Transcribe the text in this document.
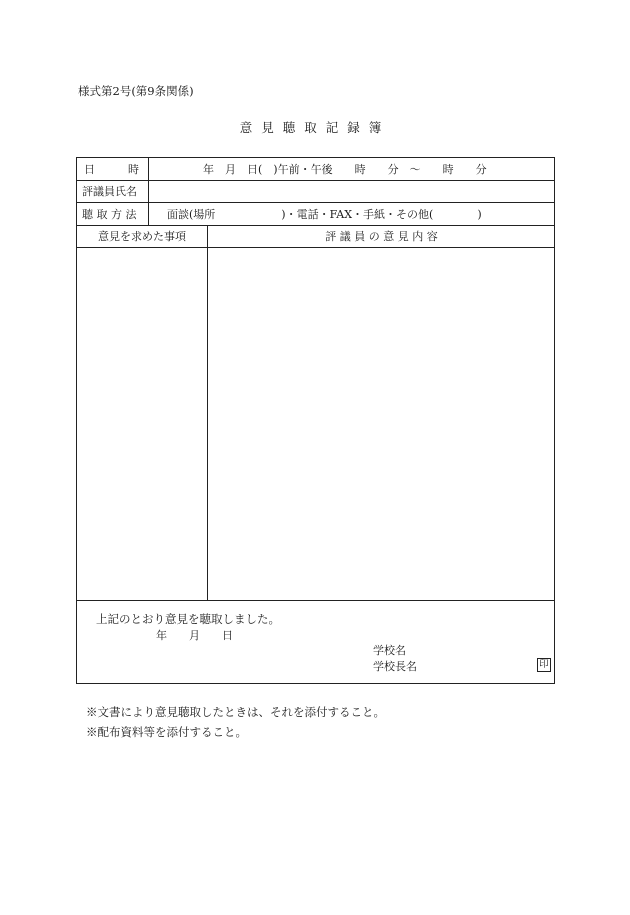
様式第2号(第9条関係)
意見聴取記録簿
日　　　時	年　月　日(　)午前・午後　　時　　分　～　　時　　分
評議員氏名
聴 取 方 法	面談(場所　　　　　　)・電話・FAX・手紙・その他(　　　　)
意見を求めた事項	評 議 員 の 意 見 内 容
上記のとおり意見を聴取しました。
年　　月　　日
学校名
学校長名	印
※文書により意見聴取したときは、それを添付すること。
※配布資料等を添付すること。
